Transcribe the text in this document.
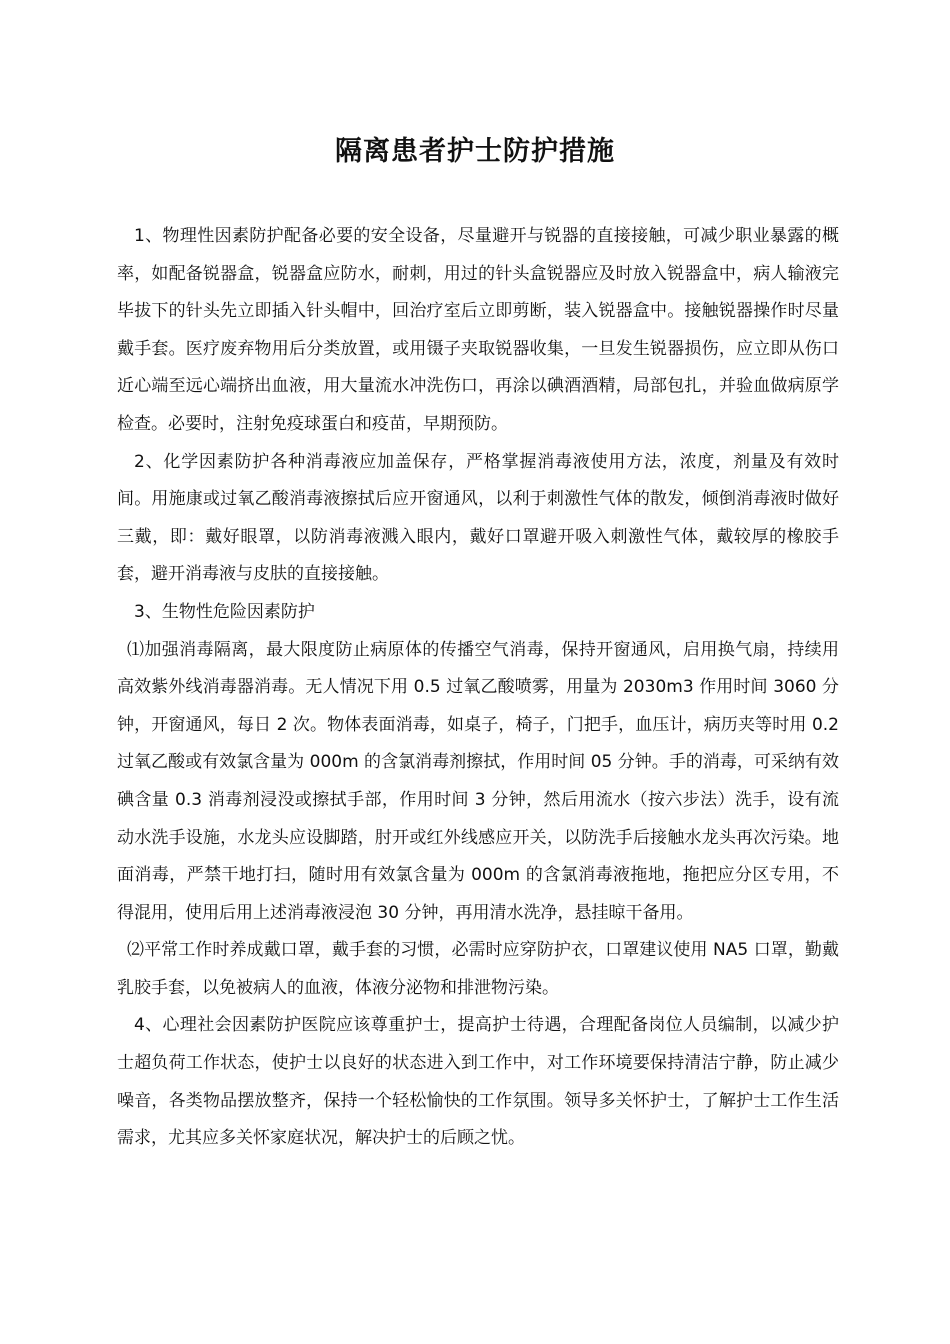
隔离患者护士防护措施

1、物理性因素防护配备必要的安全设备，尽量避开与锐器的直接接触，可减少职业暴露的概率，如配备锐器盒，锐器盒应防水，耐刺，用过的针头盒锐器应及时放入锐器盒中，病人输液完毕拔下的针头先立即插入针头帽中，回治疗室后立即剪断，装入锐器盒中。接触锐器操作时尽量戴手套。医疗废弃物用后分类放置，或用镊子夹取锐器收集，一旦发生锐器损伤，应立即从伤口近心端至远心端挤出血液，用大量流水冲洗伤口，再涂以碘酒酒精，局部包扎，并验血做病原学检查。必要时，注射免疫球蛋白和疫苗，早期预防。

2、化学因素防护各种消毒液应加盖保存，严格掌握消毒液使用方法，浓度，剂量及有效时间。用施康或过氧乙酸消毒液擦拭后应开窗通风，以利于刺激性气体的散发，倾倒消毒液时做好三戴，即：戴好眼罩，以防消毒液溅入眼内，戴好口罩避开吸入刺激性气体，戴较厚的橡胶手套，避开消毒液与皮肤的直接接触。

3、生物性危险因素防护

⑴加强消毒隔离，最大限度防止病原体的传播空气消毒，保持开窗通风，启用换气扇，持续用高效紫外线消毒器消毒。无人情况下用 0.5 过氧乙酸喷雾，用量为 2030m3 作用时间 3060 分钟，开窗通风，每日 2 次。物体表面消毒，如桌子，椅子，门把手，血压计，病历夹等时用 0.2 过氧乙酸或有效氯含量为 000m 的含氯消毒剂擦拭，作用时间 05 分钟。手的消毒，可采纳有效碘含量 0.3 消毒剂浸没或擦拭手部，作用时间 3 分钟，然后用流水（按六步法）洗手，设有流动水洗手设施，水龙头应设脚踏，肘开或红外线感应开关，以防洗手后接触水龙头再次污染。地面消毒，严禁干地打扫，随时用有效氯含量为 000m 的含氯消毒液拖地，拖把应分区专用，不得混用，使用后用上述消毒液浸泡 30 分钟，再用清水洗净，悬挂晾干备用。

⑵平常工作时养成戴口罩，戴手套的习惯，必需时应穿防护衣，口罩建议使用 NA5 口罩，勤戴乳胶手套，以免被病人的血液，体液分泌物和排泄物污染。

4、心理社会因素防护医院应该尊重护士，提高护士待遇，合理配备岗位人员编制，以减少护士超负荷工作状态，使护士以良好的状态进入到工作中，对工作环境要保持清洁宁静，防止减少噪音，各类物品摆放整齐，保持一个轻松愉快的工作氛围。领导多关怀护士，了解护士工作生活需求，尤其应多关怀家庭状况，解决护士的后顾之忧。
